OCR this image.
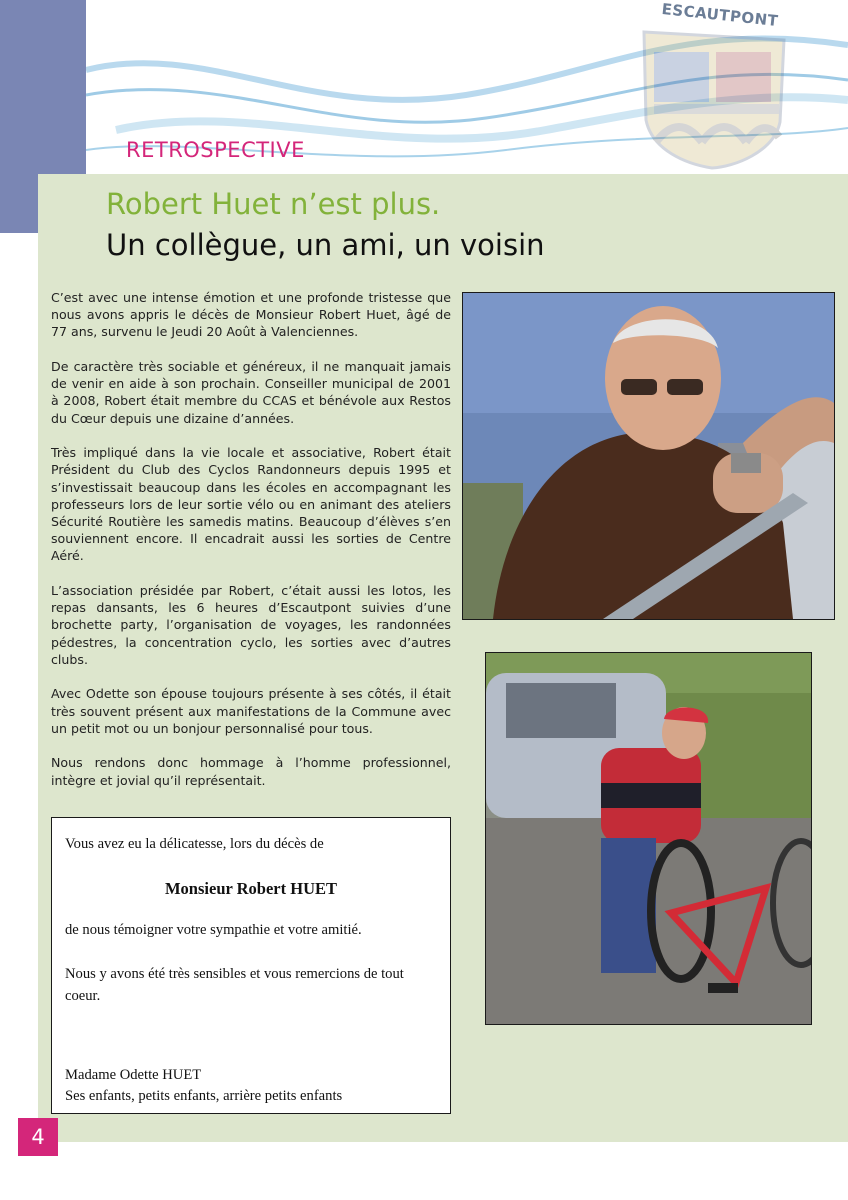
ESCAUTPONT
RETROSPECTIVE
Robert Huet n’est plus.
Un collègue, un ami, un voisin

C’est avec une intense émotion et une profonde tristesse que nous avons appris le décès de Monsieur Robert Huet, âgé de 77 ans, survenu le Jeudi 20 Août à Valenciennes.

De caractère très sociable et généreux, il ne manquait jamais de venir en aide à son prochain. Conseiller municipal de 2001 à 2008, Robert était membre du CCAS et bénévole aux Restos du Cœur depuis une dizaine d’années.

Très impliqué dans la vie locale et associative, Robert était Président du Club des Cyclos Randonneurs depuis 1995 et s’investissait beaucoup dans les écoles en accompagnant les professeurs lors de leur sortie vélo ou en animant des ateliers Sécurité Routière les samedis matins. Beaucoup d’élèves s’en souviennent encore. Il encadrait aussi les sorties de Centre Aéré.

L’association présidée par Robert, c’était aussi les lotos, les repas dansants, les 6 heures d’Escautpont suivies d’une brochette party, l’organisation de voyages, les randonnées pédestres, la concentration cyclo, les sorties avec d’autres clubs.

Avec Odette son épouse toujours présente à ses côtés, il était très souvent présent aux manifestations de la Commune avec un petit mot ou un bonjour personnalisé pour tous.

Nous rendons donc hommage à l’homme professionnel, intègre et jovial qu’il représentait.

Vous avez eu la délicatesse, lors du décès de
Monsieur Robert HUET
de nous témoigner votre sympathie et votre amitié.
Nous y avons été très sensibles et vous remercions de tout coeur.
Madame Odette HUET
Ses enfants, petits enfants, arrière petits enfants
4
